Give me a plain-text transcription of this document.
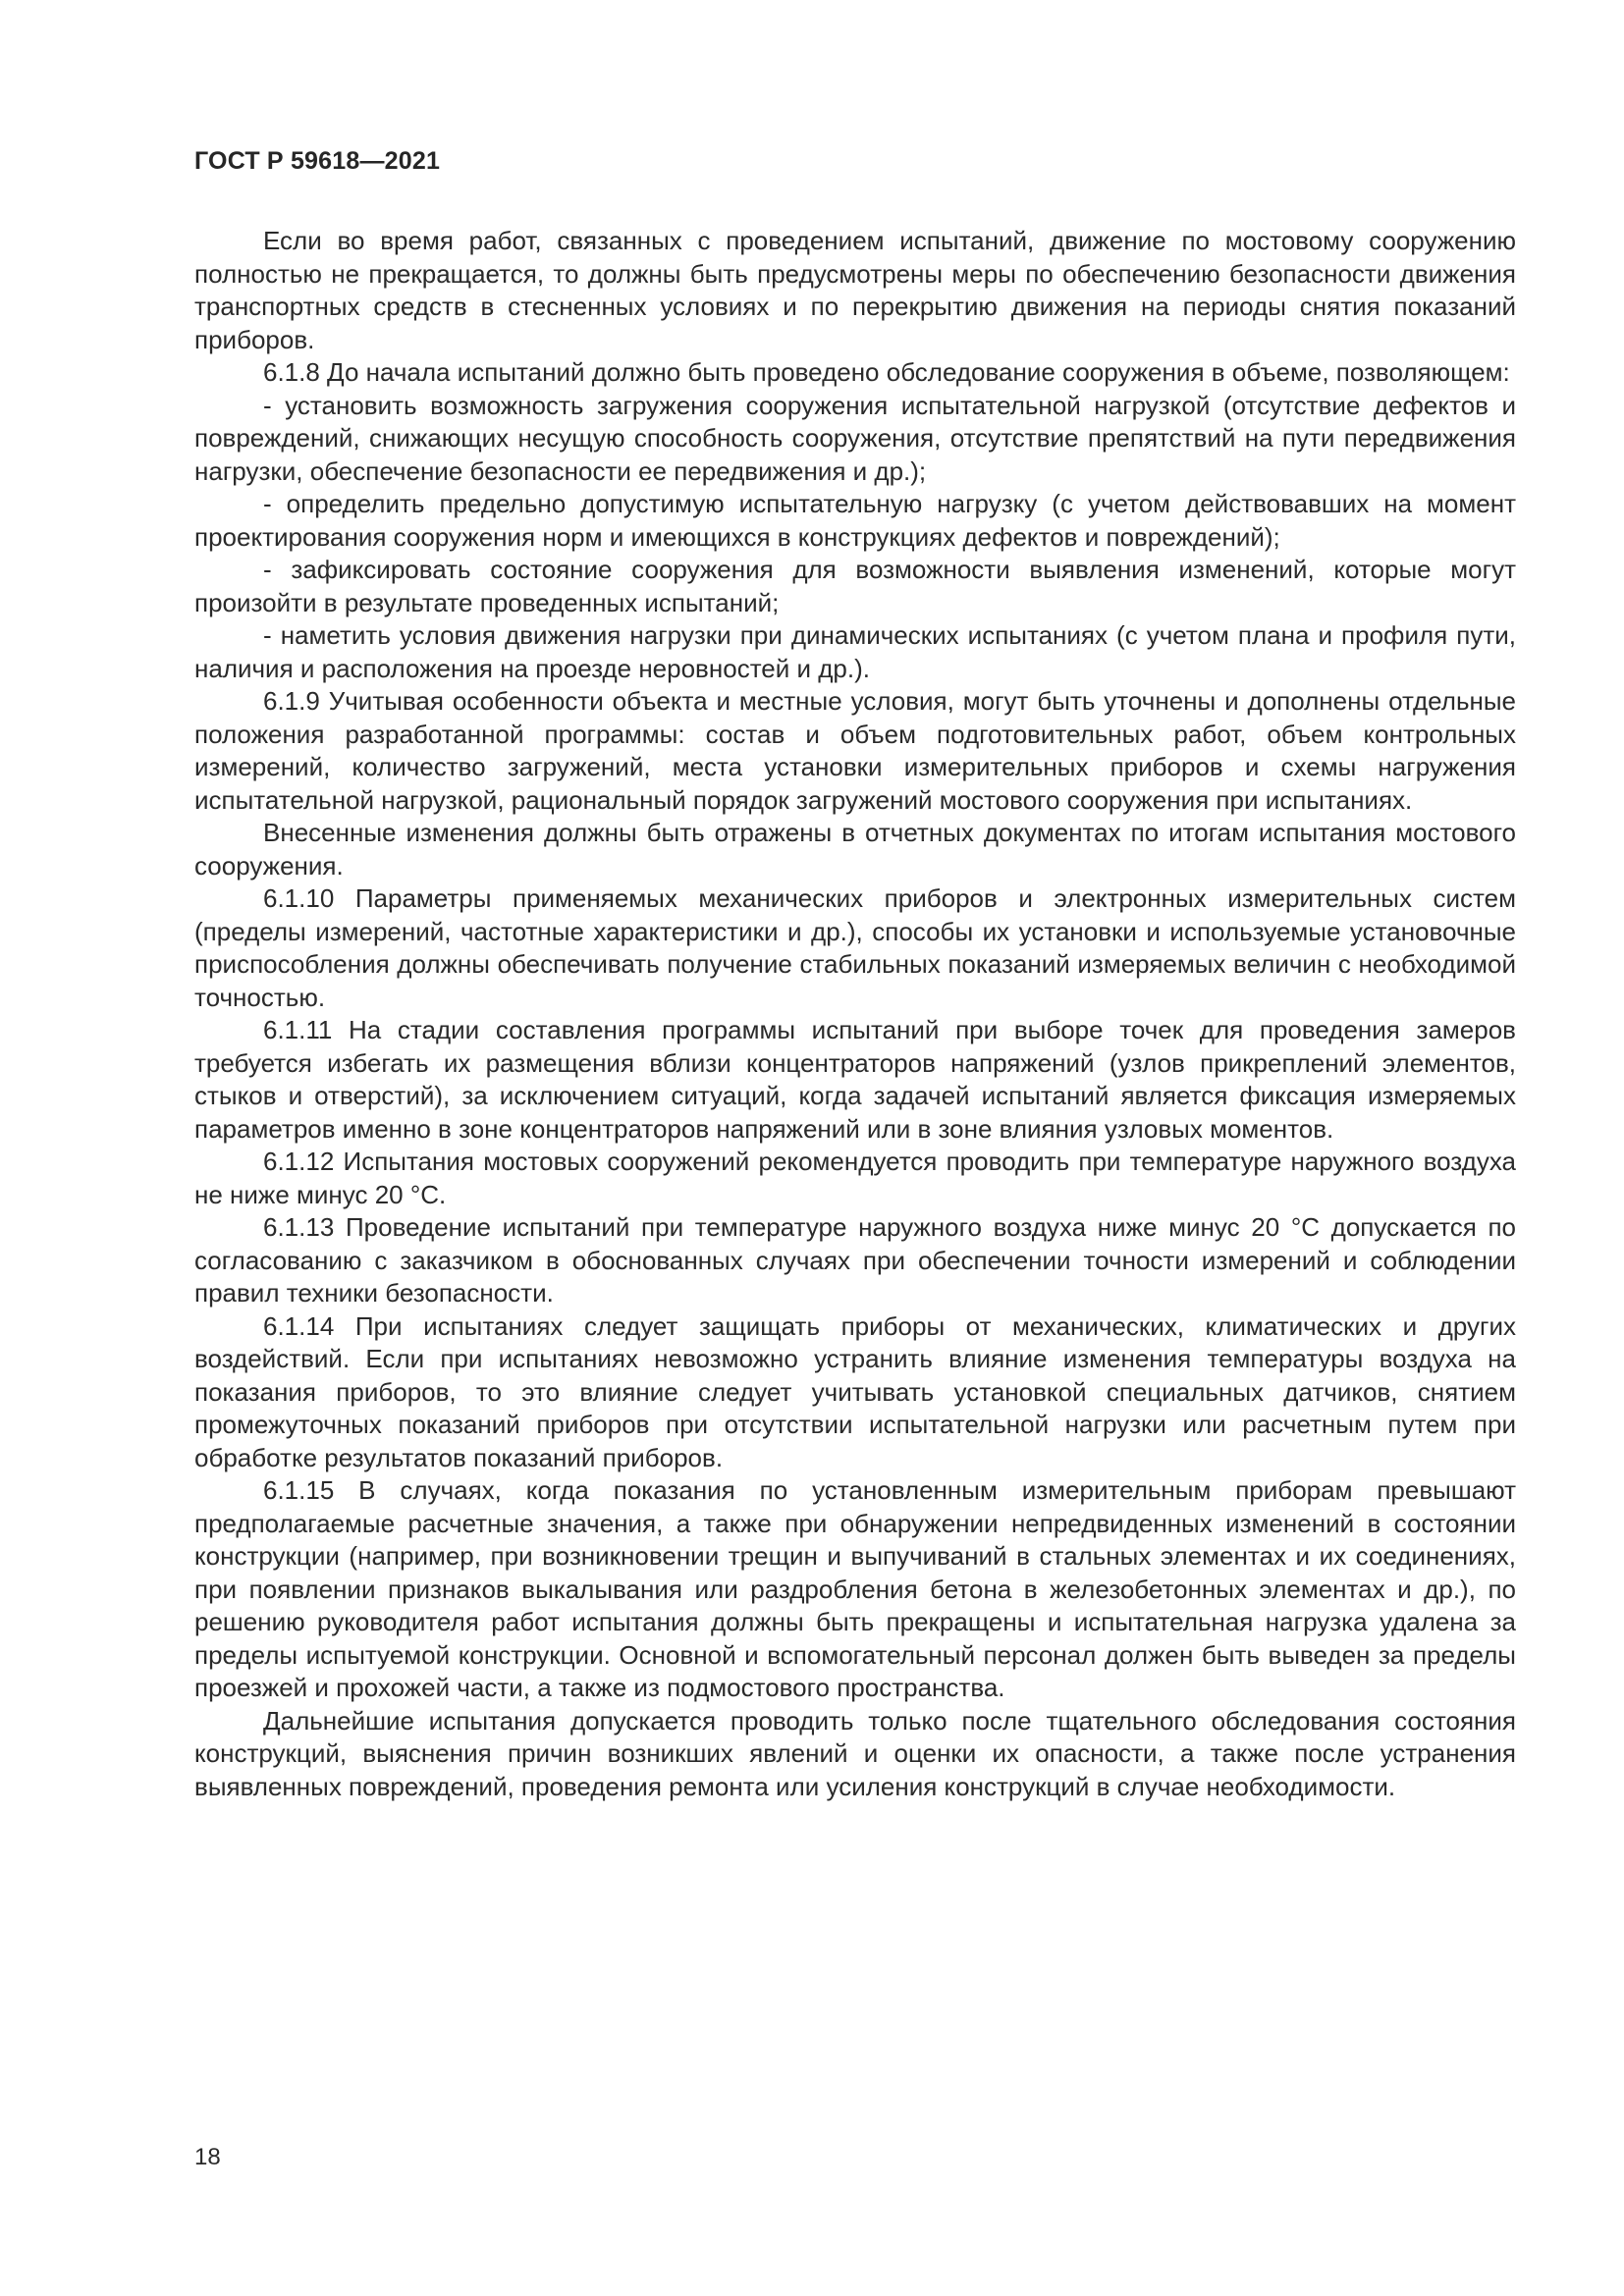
ГОСТ Р 59618—2021

Если во время работ, связанных с проведением испытаний, движение по мостовому сооружению полностью не прекращается, то должны быть предусмотрены меры по обеспечению безопасности движения транспортных средств в стесненных условиях и по перекрытию движения на периоды снятия показаний приборов.

6.1.8 До начала испытаний должно быть проведено обследование сооружения в объеме, позволяющем:

- установить возможность загружения сооружения испытательной нагрузкой (отсутствие дефектов и повреждений, снижающих несущую способность сооружения, отсутствие препятствий на пути передвижения нагрузки, обеспечение безопасности ее передвижения и др.);

- определить предельно допустимую испытательную нагрузку (с учетом действовавших на момент проектирования сооружения норм и имеющихся в конструкциях дефектов и повреждений);

- зафиксировать состояние сооружения для возможности выявления изменений, которые могут произойти в результате проведенных испытаний;

- наметить условия движения нагрузки при динамических испытаниях (с учетом плана и профиля пути, наличия и расположения на проезде неровностей и др.).

6.1.9 Учитывая особенности объекта и местные условия, могут быть уточнены и дополнены отдельные положения разработанной программы: состав и объем подготовительных работ, объем контрольных измерений, количество загружений, места установки измерительных приборов и схемы нагружения испытательной нагрузкой, рациональный порядок загружений мостового сооружения при испытаниях.

Внесенные изменения должны быть отражены в отчетных документах по итогам испытания мостового сооружения.

6.1.10 Параметры применяемых механических приборов и электронных измерительных систем (пределы измерений, частотные характеристики и др.), способы их установки и используемые установочные приспособления должны обеспечивать получение стабильных показаний измеряемых величин с необходимой точностью.

6.1.11 На стадии составления программы испытаний при выборе точек для проведения замеров требуется избегать их размещения вблизи концентраторов напряжений (узлов прикреплений элементов, стыков и отверстий), за исключением ситуаций, когда задачей испытаний является фиксация измеряемых параметров именно в зоне концентраторов напряжений или в зоне влияния узловых моментов.

6.1.12 Испытания мостовых сооружений рекомендуется проводить при температуре наружного воздуха не ниже минус 20 °С.

6.1.13 Проведение испытаний при температуре наружного воздуха ниже минус 20 °С допускается по согласованию с заказчиком в обоснованных случаях при обеспечении точности измерений и соблюдении правил техники безопасности.

6.1.14 При испытаниях следует защищать приборы от механических, климатических и других воздействий. Если при испытаниях невозможно устранить влияние изменения температуры воздуха на показания приборов, то это влияние следует учитывать установкой специальных датчиков, снятием промежуточных показаний приборов при отсутствии испытательной нагрузки или расчетным путем при обработке результатов показаний приборов.

6.1.15 В случаях, когда показания по установленным измерительным приборам превышают предполагаемые расчетные значения, а также при обнаружении непредвиденных изменений в состоянии конструкции (например, при возникновении трещин и выпучиваний в стальных элементах и их соединениях, при появлении признаков выкалывания или раздробления бетона в железобетонных элементах и др.), по решению руководителя работ испытания должны быть прекращены и испытательная нагрузка удалена за пределы испытуемой конструкции. Основной и вспомогательный персонал должен быть выведен за пределы проезжей и прохожей части, а также из подмостового пространства.

Дальнейшие испытания допускается проводить только после тщательного обследования состояния конструкций, выяснения причин возникших явлений и оценки их опасности, а также после устранения выявленных повреждений, проведения ремонта или усиления конструкций в случае необходимости.

18
